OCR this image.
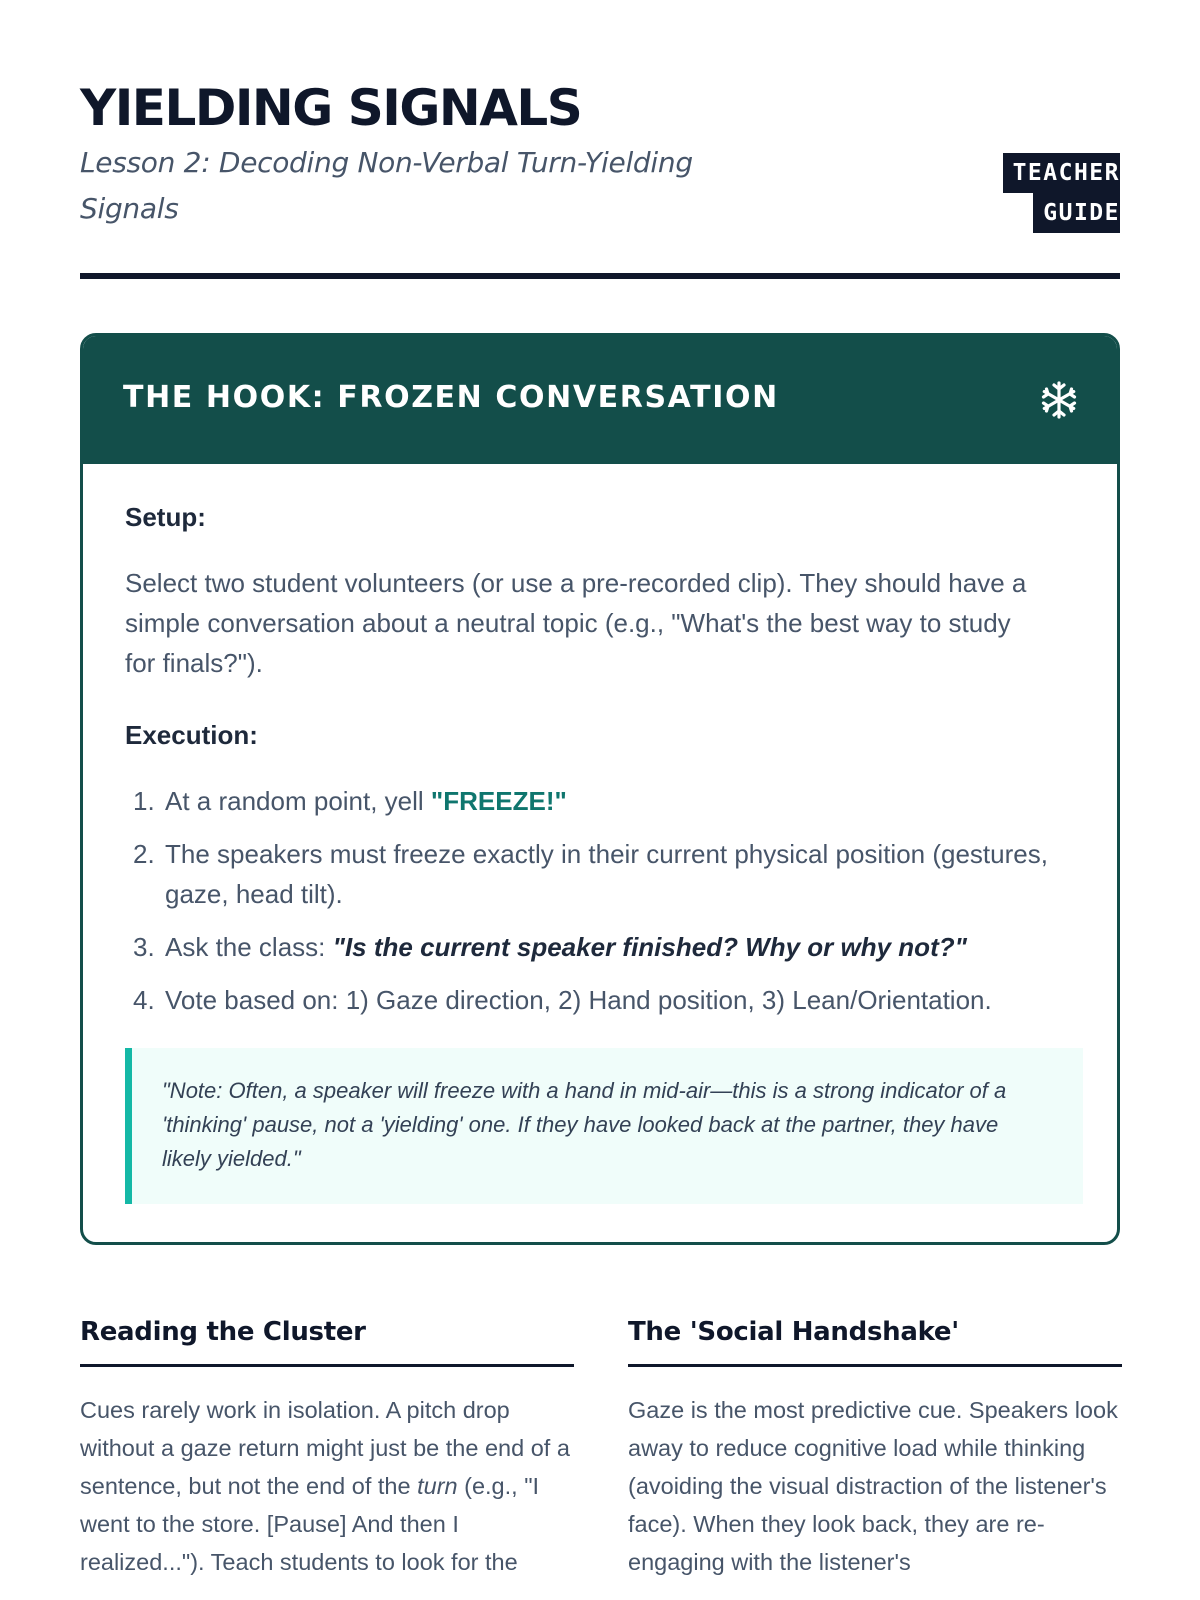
YIELDING SIGNALS

Lesson 2: Decoding Non-Verbal Turn-Yielding Signals

TEACHER
GUIDE
THE HOOK: FROZEN CONVERSATION

Setup:

Select two student volunteers (or use a pre-recorded clip). They should have a simple conversation about a neutral topic (e.g., "What's the best way to study for finals?").

Execution:

1. At a random point, yell "FREEZE!"
2. The speakers must freeze exactly in their current physical position (gestures, gaze, head tilt).
3. Ask the class: "Is the current speaker finished? Why or why not?"
4. Vote based on: 1) Gaze direction, 2) Hand position, 3) Lean/Orientation.
"Note: Often, a speaker will freeze with a hand in mid-air—this is a strong indicator of a 'thinking' pause, not a 'yielding' one. If they have looked back at the partner, they have likely yielded."
Reading the Cluster

Cues rarely work in isolation. A pitch drop without a gaze return might just be the end of a sentence, but not the end of the turn (e.g., "I went to the store. [Pause] And then I realized..."). Teach students to look for the

The 'Social Handshake'

Gaze is the most predictive cue. Speakers look away to reduce cognitive load while thinking (avoiding the visual distraction of the listener's face). When they look back, they are re-engaging with the listener's
